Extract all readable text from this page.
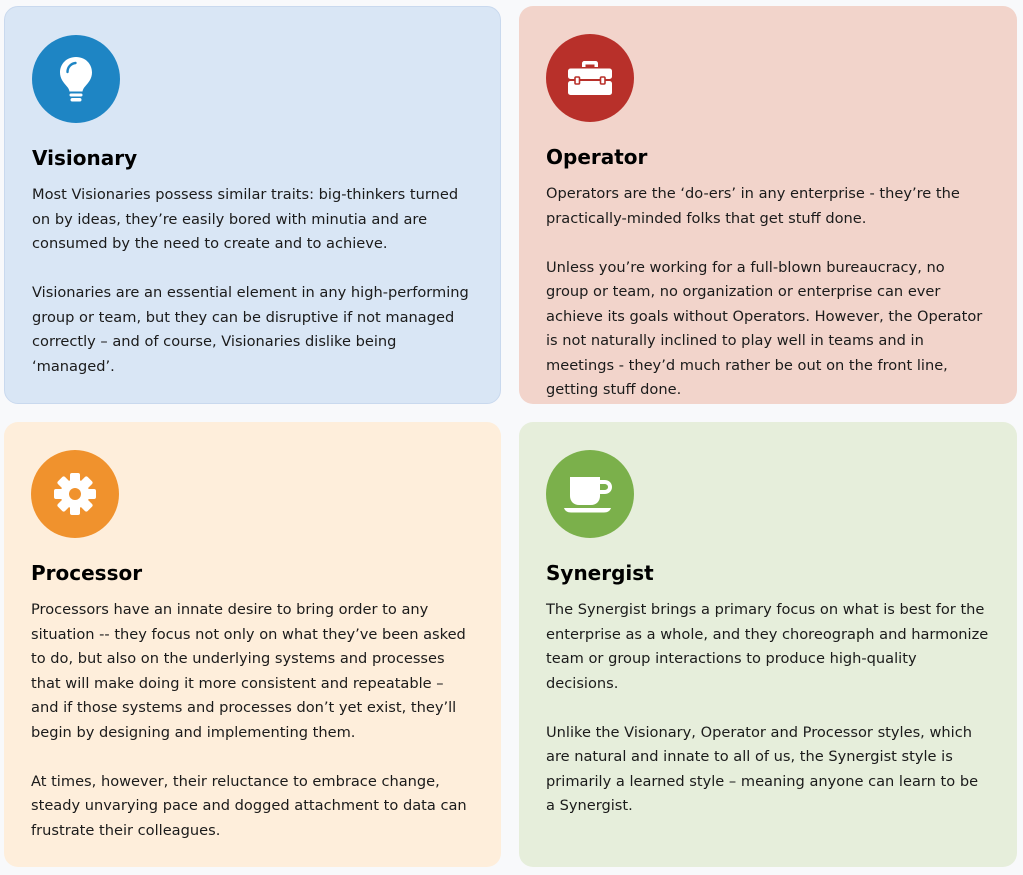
Visionary

Most Visionaries possess similar traits: big-thinkers turned on by ideas, they’re easily bored with minutia and are consumed by the need to create and to achieve.

Visionaries are an essential element in any high-performing group or team, but they can be disruptive if not managed correctly – and of course, Visionaries dislike being ‘managed’.

Operator

Operators are the ‘do-ers’ in any enterprise - they’re the practically-minded folks that get stuff done.

Unless you’re working for a full-blown bureaucracy, no group or team, no organization or enterprise can ever achieve its goals without Operators. However, the Operator is not naturally inclined to play well in teams and in meetings - they’d much rather be out on the front line, getting stuff done.

Processor

Processors have an innate desire to bring order to any situation -- they focus not only on what they’ve been asked to do, but also on the underlying systems and processes that will make doing it more consistent and repeatable – and if those systems and processes don’t yet exist, they’ll begin by designing and implementing them.

At times, however, their reluctance to embrace change, steady unvarying pace and dogged attachment to data can frustrate their colleagues.

Synergist

The Synergist brings a primary focus on what is best for the enterprise as a whole, and they choreograph and harmonize team or group interactions to produce high-quality decisions.

Unlike the Visionary, Operator and Processor styles, which are natural and innate to all of us, the Synergist style is primarily a learned style – meaning anyone can learn to be a Synergist.
